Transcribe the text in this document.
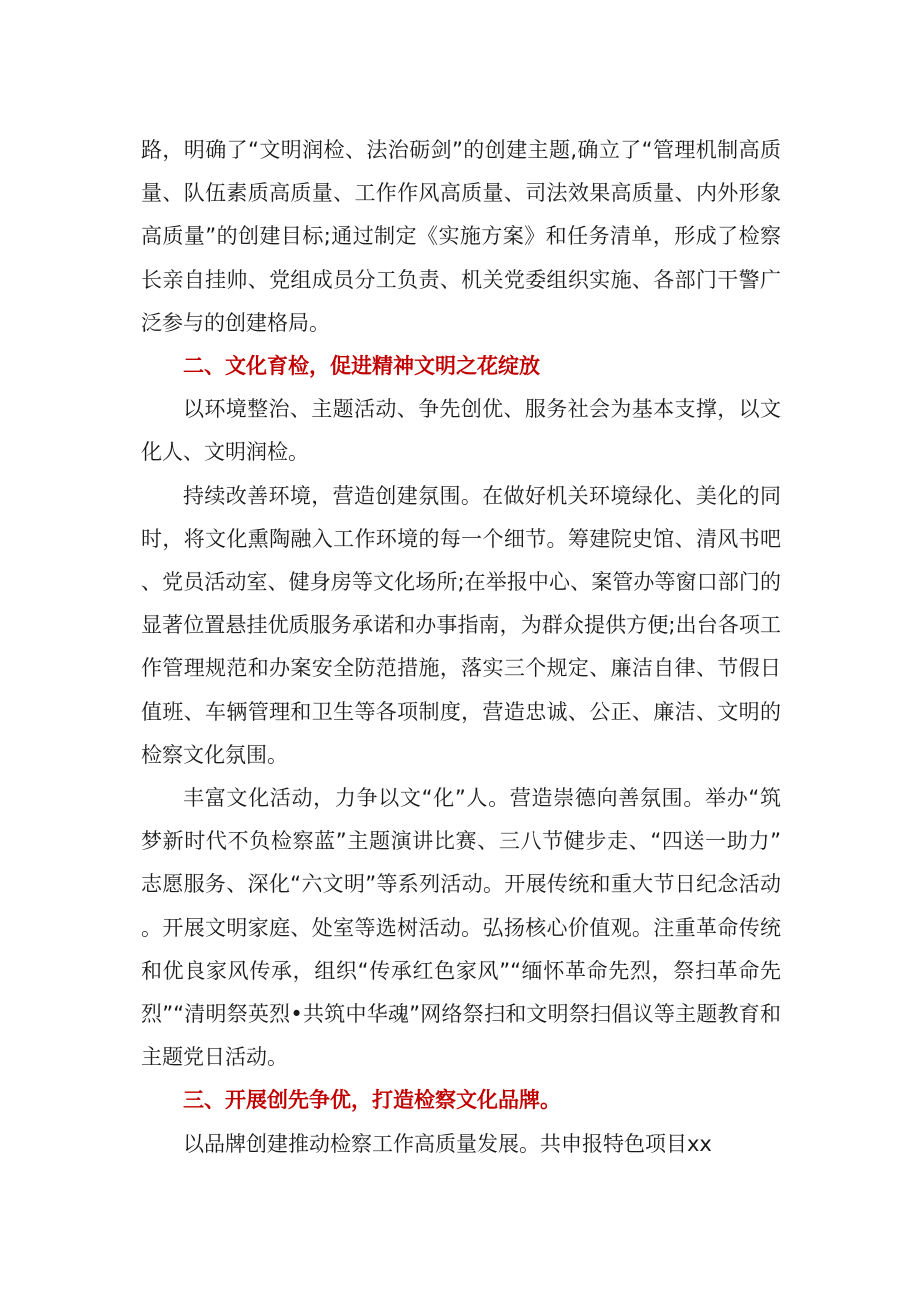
路，明确了“文明润检、法治砺剑”的创建主题,确立了“管理机制高质量、队伍素质高质量、工作作风高质量、司法效果高质量、内外形象高质量”的创建目标;通过制定《实施方案》和任务清单，形成了检察长亲自挂帅、党组成员分工负责、机关党委组织实施、各部门干警广泛参与的创建格局。

二、文化育检，促进精神文明之花绽放

以环境整治、主题活动、争先创优、服务社会为基本支撑，以文化人、文明润检。

持续改善环境，营造创建氛围。在做好机关环境绿化、美化的同时，将文化熏陶融入工作环境的每一个细节。筹建院史馆、清风书吧、党员活动室、健身房等文化场所;在举报中心、案管办等窗口部门的显著位置悬挂优质服务承诺和办事指南，为群众提供方便;出台各项工作管理规范和办案安全防范措施，落实三个规定、廉洁自律、节假日值班、车辆管理和卫生等各项制度，营造忠诚、公正、廉洁、文明的检察文化氛围。

丰富文化活动，力争以文“化”人。营造崇德向善氛围。举办“筑梦新时代不负检察蓝”主题演讲比赛、三八节健步走、“四送一助力”志愿服务、深化“六文明”等系列活动。开展传统和重大节日纪念活动。开展文明家庭、处室等选树活动。弘扬核心价值观。注重革命传统和优良家风传承，组织“传承红色家风”“缅怀革命先烈，祭扫革命先烈”“清明祭英烈•共筑中华魂”网络祭扫和文明祭扫倡议等主题教育和主题党日活动。

三、开展创先争优，打造检察文化品牌。

以品牌创建推动检察工作高质量发展。共申报特色项目xx
